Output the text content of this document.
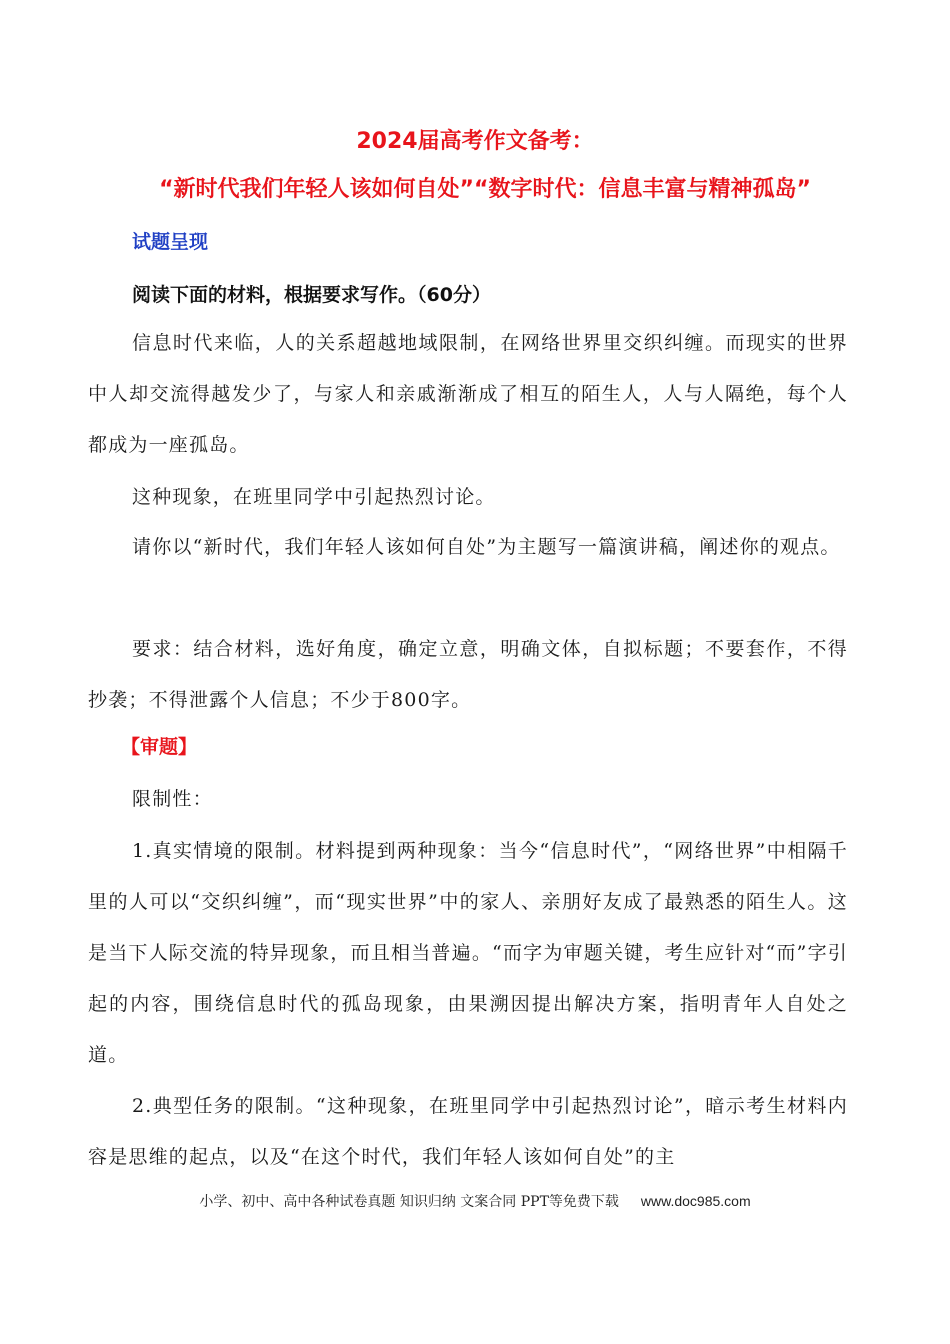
2024届高考作文备考：
“新时代我们年轻人该如何自处”“数字时代：信息丰富与精神孤岛”
试题呈现
阅读下面的材料，根据要求写作。（60分）

信息时代来临，人的关系超越地域限制，在网络世界里交织纠缠。而现实的世界中人却交流得越发少了，与家人和亲戚渐渐成了相互的陌生人，人与人隔绝，每个人都成为一座孤岛。

这种现象，在班里同学中引起热烈讨论。

请你以“新时代，我们年轻人该如何自处”为主题写一篇演讲稿，阐述你的观点。

要求：结合材料，选好角度，确定立意，明确文体，自拟标题；不要套作，不得抄袭；不得泄露个人信息；不少于800字。

【审题】

限制性：

1.真实情境的限制。材料提到两种现象：当今“信息时代”，“网络世界”中相隔千里的人可以“交织纠缠”，而“现实世界”中的家人、亲朋好友成了最熟悉的陌生人。这是当下人际交流的特异现象，而且相当普遍。“而字为审题关键，考生应针对“而”字引起的内容，围绕信息时代的孤岛现象，由果溯因提出解决方案，指明青年人自处之道。

2.典型任务的限制。“这种现象，在班里同学中引起热烈讨论”，暗示考生材料内容是思维的起点，以及“在这个时代，我们年轻人该如何自处”的主

小学、初中、高中各种试卷真题 知识归纳 文案合同 PPT等免费下载 www.doc985.com
